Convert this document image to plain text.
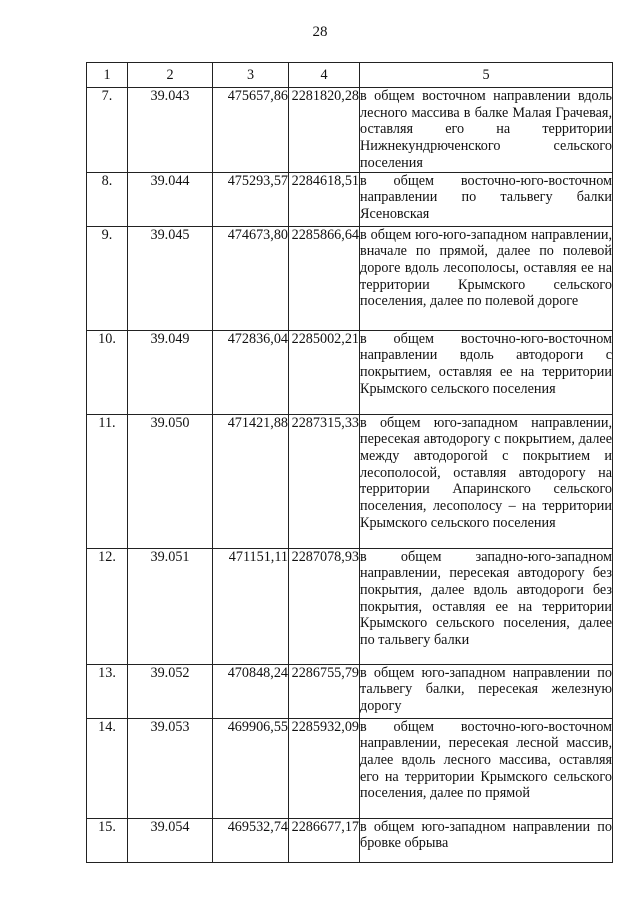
28
1	2	3	4	5
7.	39.043	475657,86	2281820,28	в общем восточном направлении вдоль лесного массива в балке Малая Грачевая, оставляя его на территории Нижнекундрюченского сельского поселения
8.	39.044	475293,57	2284618,51	в общем восточно-юго-восточном направлении по тальвегу балки Ясеновская
9.	39.045	474673,80	2285866,64	в общем юго-юго-западном направлении, вначале по прямой, далее по полевой дороге вдоль лесополосы, оставляя ее на территории Крымского сельского поселения, далее по полевой дороге
10.	39.049	472836,04	2285002,21	в общем восточно-юго-восточном направлении вдоль автодороги с покрытием, оставляя ее на территории Крымского сельского поселения
11.	39.050	471421,88	2287315,33	в общем юго-западном направлении, пересекая автодорогу с покрытием, далее между автодорогой с покрытием и лесополосой, оставляя автодорогу на территории Апаринского сельского поселения, лесополосу – на территории Крымского сельского поселения
12.	39.051	471151,11	2287078,93	в общем западно-юго-западном направлении, пересекая автодорогу без покрытия, далее вдоль автодороги без покрытия, оставляя ее на территории Крымского сельского поселения, далее по тальвегу балки
13.	39.052	470848,24	2286755,79	в общем юго-западном направлении по тальвегу балки, пересекая железную дорогу
14.	39.053	469906,55	2285932,09	в общем восточно-юго-восточном направлении, пересекая лесной массив, далее вдоль лесного массива, оставляя его на территории Крымского сельского поселения, далее по прямой
15.	39.054	469532,74	2286677,17	в общем юго-западном направлении по бровке обрыва
